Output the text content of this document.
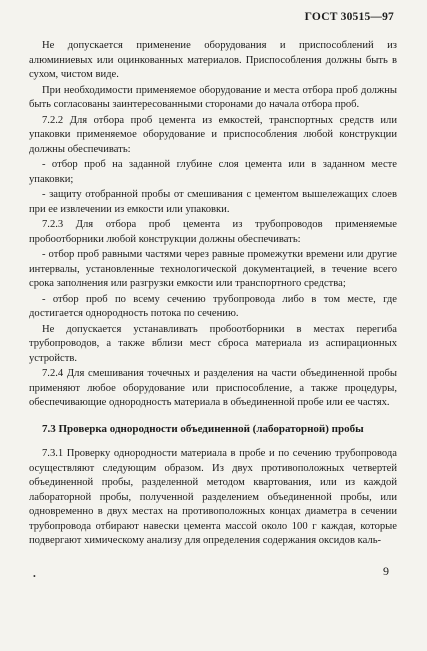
ГОСТ 30515—97

Не допускается применение оборудования и приспособлений из алюминиевых или оцинкованных материалов. Приспособления должны быть в сухом, чистом виде.

При необходимости применяемое оборудование и места отбора проб должны быть согласованы заинтересованными сторонами до начала отбора проб.

7.2.2 Для отбора проб цемента из емкостей, транспортных средств или упаковки применяемое оборудование и приспособления любой конструкции должны обеспечивать:

- отбор проб на заданной глубине слоя цемента или в заданном месте упаковки;

- защиту отобранной пробы от смешивания с цементом вышележащих слоев при ее извлечении из емкости или упаковки.

7.2.3 Для отбора проб цемента из трубопроводов применяемые пробоотборники любой конструкции должны обеспечивать:

- отбор проб равными частями через равные промежутки времени или другие интервалы, установленные технологической документацией, в течение всего срока заполнения или разгрузки емкости или транспортного средства;

- отбор проб по всему сечению трубопровода либо в том месте, где достигается однородность потока по сечению.

Не допускается устанавливать пробоотборники в местах перегиба трубопроводов, а также вблизи мест сброса материала из аспирационных устройств.

7.2.4 Для смешивания точечных и разделения на части объединенной пробы применяют любое оборудование или приспособление, а также процедуры, обеспечивающие однородность материала в объединенной пробе или ее частях.

7.3 Проверка однородности объединенной (лабораторной) пробы

7.3.1 Проверку однородности материала в пробе и по сечению трубопровода осуществляют следующим образом. Из двух противоположных четвертей объединенной пробы, разделенной методом квартования, или из каждой лабораторной пробы, полученной разделением объединенной пробы, или одновременно в двух местах на противоположных концах диаметра в сечении трубопровода отбирают навески цемента массой около 100 г каждая, которые подвергают химическому анализу для определения содержания оксидов каль-

•	9
